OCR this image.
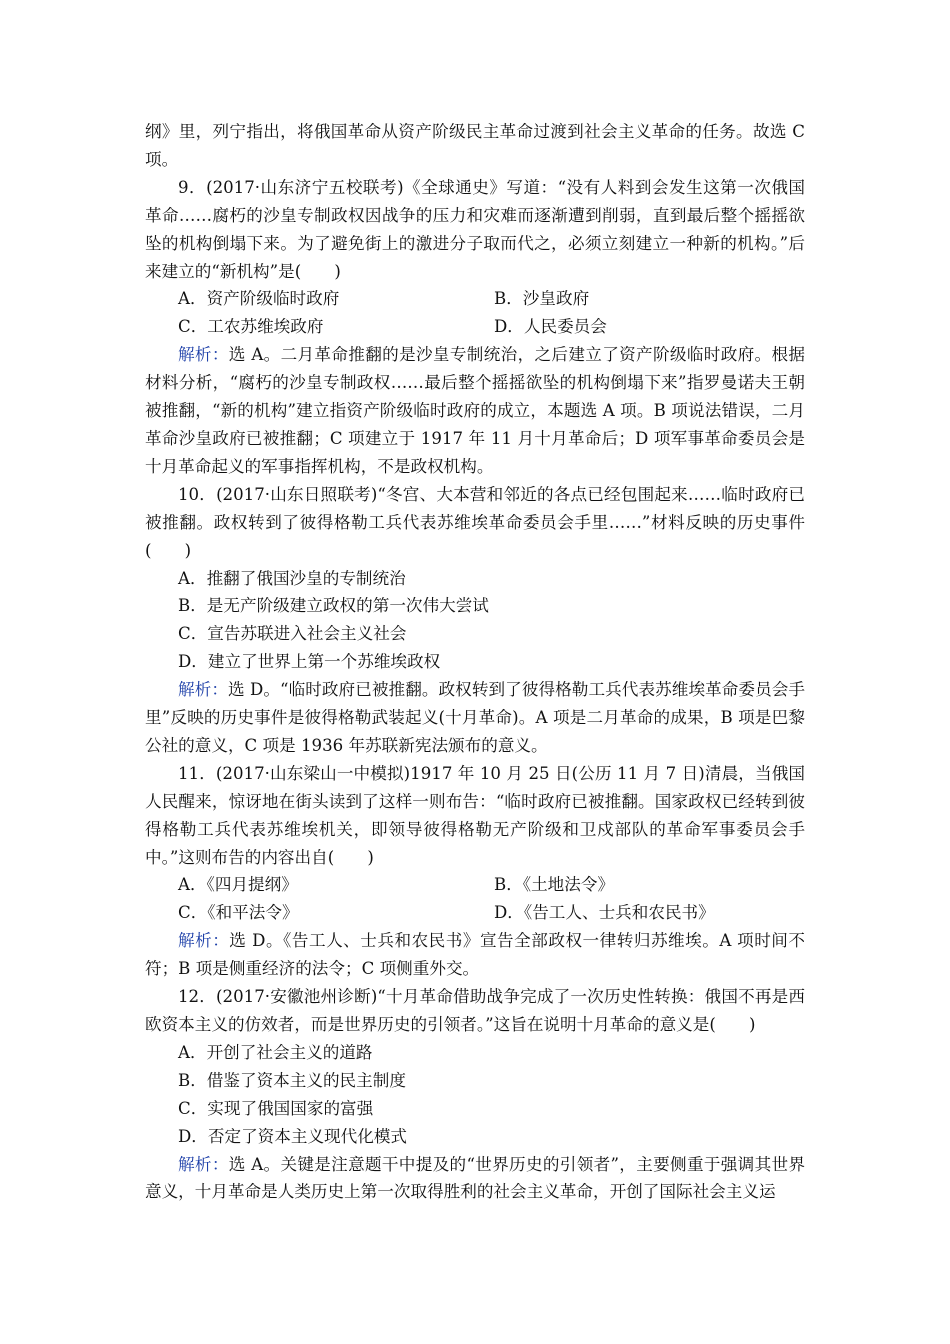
纲》里，列宁指出，将俄国革命从资产阶级民主革命过渡到社会主义革命的任务。故选 C 项。

9．(2017·山东济宁五校联考)《全球通史》写道：“没有人料到会发生这第一次俄国革命……腐朽的沙皇专制政权因战争的压力和灾难而逐渐遭到削弱，直到最后整个摇摇欲坠的机构倒塌下来。为了避免街上的激进分子取而代之，必须立刻建立一种新的机构。”后来建立的“新机构”是(　　)

A．资产阶级临时政府	B．沙皇政府
C．工农苏维埃政府	D．人民委员会

解析：选 A。二月革命推翻的是沙皇专制统治，之后建立了资产阶级临时政府。根据材料分析，“腐朽的沙皇专制政权……最后整个摇摇欲坠的机构倒塌下来”指罗曼诺夫王朝被推翻，“新的机构”建立指资产阶级临时政府的成立，本题选 A 项。B 项说法错误，二月革命沙皇政府已被推翻；C 项建立于 1917 年 11 月十月革命后；D 项军事革命委员会是十月革命起义的军事指挥机构，不是政权机构。

10．(2017·山东日照联考)“冬宫、大本营和邻近的各点已经包围起来……临时政府已被推翻。政权转到了彼得格勒工兵代表苏维埃革命委员会手里……”材料反映的历史事件(　　)

A．推翻了俄国沙皇的专制统治

B．是无产阶级建立政权的第一次伟大尝试

C．宣告苏联进入社会主义社会

D．建立了世界上第一个苏维埃政权

解析：选 D。“临时政府已被推翻。政权转到了彼得格勒工兵代表苏维埃革命委员会手里”反映的历史事件是彼得格勒武装起义(十月革命)。A 项是二月革命的成果，B 项是巴黎公社的意义，C 项是 1936 年苏联新宪法颁布的意义。

11．(2017·山东梁山一中模拟)1917 年 10 月 25 日(公历 11 月 7 日)清晨，当俄国人民醒来，惊讶地在街头读到了这样一则布告：“临时政府已被推翻。国家政权已经转到彼得格勒工兵代表苏维埃机关，即领导彼得格勒无产阶级和卫戍部队的革命军事委员会手中。”这则布告的内容出自(　　)

A．《四月提纲》	B．《土地法令》
C．《和平法令》	D．《告工人、士兵和农民书》

解析：选 D。《告工人、士兵和农民书》宣告全部政权一律转归苏维埃。A 项时间不符；B 项是侧重经济的法令；C 项侧重外交。

12．(2017·安徽池州诊断)“十月革命借助战争完成了一次历史性转换：俄国不再是西欧资本主义的仿效者，而是世界历史的引领者。”这旨在说明十月革命的意义是(　　)

A．开创了社会主义的道路

B．借鉴了资本主义的民主制度

C．实现了俄国国家的富强

D．否定了资本主义现代化模式

解析：选 A。关键是注意题干中提及的“世界历史的引领者”，主要侧重于强调其世界意义，十月革命是人类历史上第一次取得胜利的社会主义革命，开创了国际社会主义运
